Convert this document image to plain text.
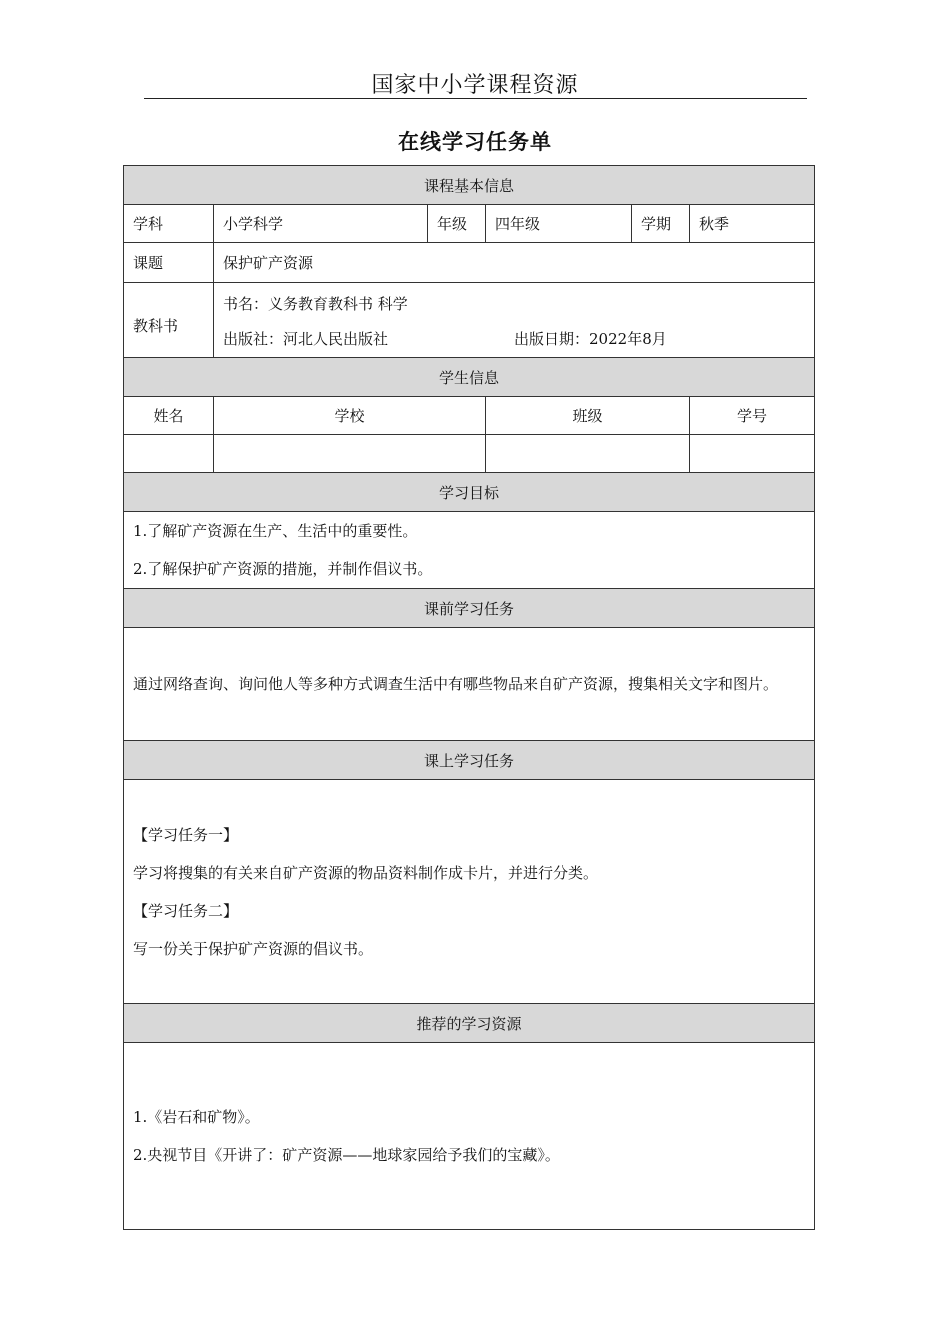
国家中小学课程资源
在线学习任务单
课程基本信息					
学科	小学科学	年级	四年级	学期	秋季
课题	保护矿产资源				
教科书	书名：义务教育教科书 科学
出版社：河北人民出版社 出版日期：2022年8月				

学生信息					
姓名	学校		班级		学号

学习目标					

1.了解矿产资源在生产、生活中的重要性。

2.了解保护矿产资源的措施，并制作倡议书。					

课前学习任务					

通过网络查询、询问他人等多种方式调查生活中有哪些物品来自矿产资源，搜集相关文字和图片。					

课上学习任务					

【学习任务一】

学习将搜集的有关来自矿产资源的物品资料制作成卡片，并进行分类。

【学习任务二】

写一份关于保护矿产资源的倡议书。					

推荐的学习资源					

1.《岩石和矿物》。

2.央视节目《开讲了：矿产资源——地球家园给予我们的宝藏》。					
